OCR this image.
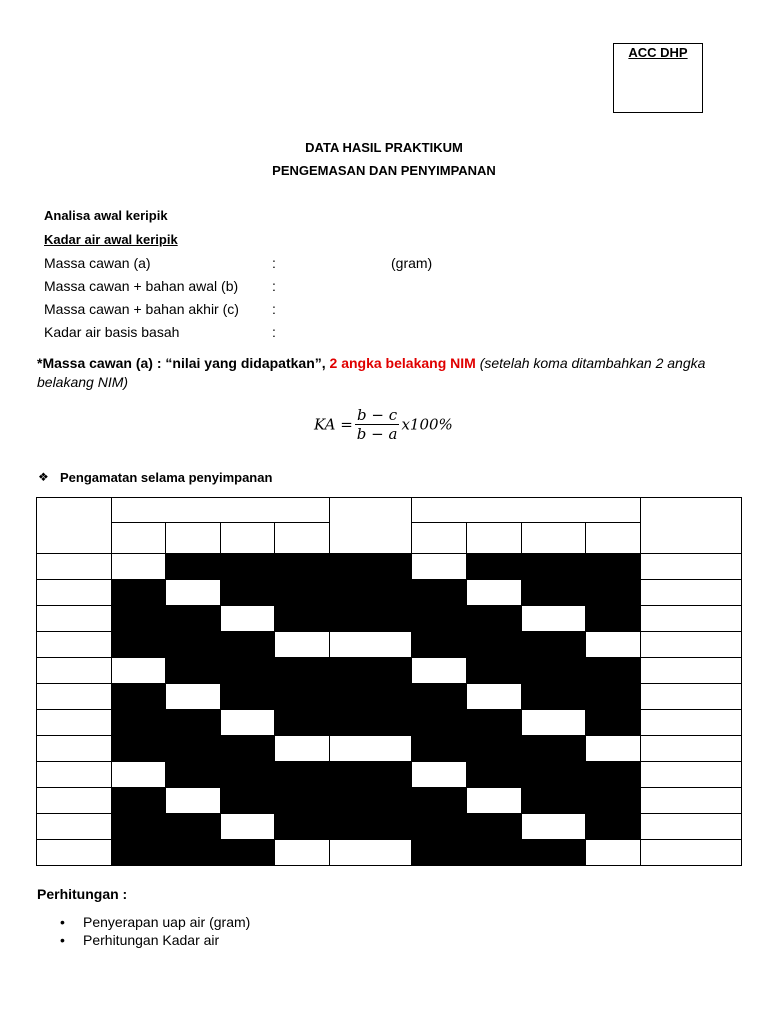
ACC DHP
DATA HASIL PRAKTIKUM
PENGEMASAN DAN PENYIMPANAN
Analisa awal keripik
Kadar air awal keripik
Massa cawan (a)	:	(gram)
Massa cawan + bahan awal (b) :
Massa cawan + bahan akhir (c) :
Kadar air basis basah	:
*Massa cawan (a) : “nilai yang didapatkan”, 2 angka belakang NIM (setelah koma ditambahkan 2 angka belakang NIM)
KA = $\frac{b - c}{b - a} x100\%$
❖ Pengamatan selama penyimpanan

Perhitungan :
• Penyerapan uap air (gram)
• Perhitungan Kadar air
